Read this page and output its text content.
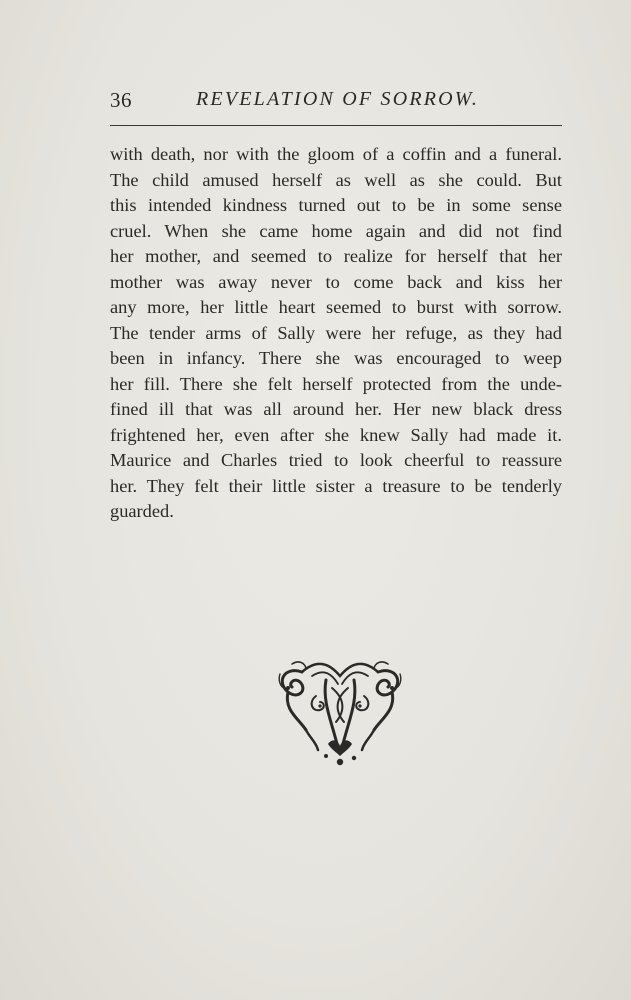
36	REVELATION OF SORROW.
with death, nor with the gloom of a coffin and a funeral.
The child amused herself as well as she could. But
this intended kindness turned out to be in some sense
cruel. When she came home again and did not find
her mother, and seemed to realize for herself that her
mother was away never to come back and kiss her
any more, her little heart seemed to burst with sorrow.
The tender arms of Sally were her refuge, as they had
been in infancy. There she was encouraged to weep
her fill. There she felt herself protected from the unde-
fined ill that was all around her. Her new black dress
frightened her, even after she knew Sally had made it.
Maurice and Charles tried to look cheerful to reassure
her. They felt their little sister a treasure to be tenderly
guarded.
